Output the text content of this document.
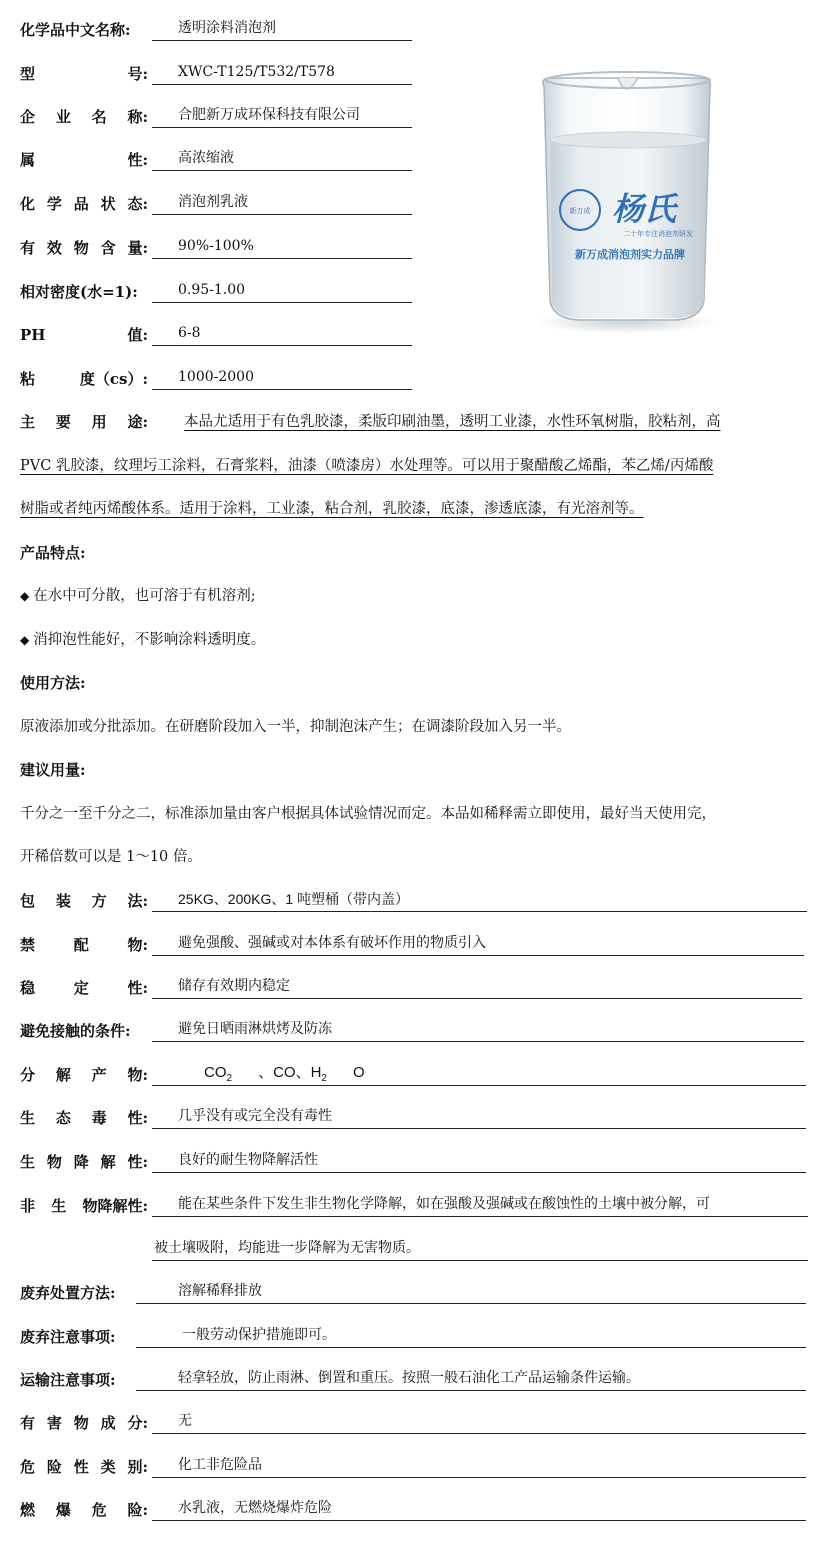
化学品中文名称:	透明涂料消泡剂
型	号:	XWC-T125/T532/T578
企 业 名 称:	合肥新万成环保科技有限公司
属	性:	高浓缩液
化 学 品 状 态:	消泡剂乳液
有 效 物 含 量:	90%-100%
相对密度(水=1):	0.95-1.00
PH	值:	6-8
粘	度（cs）:	1000-2000
新万成 杨氏
二十年专注消泡剂研发
新万成消泡剂实力品牌
主 要 用 途:	本品尤适用于有色乳胶漆，柔版印刷油墨，透明工业漆，水性环氧树脂，胶粘剂，高
PVC 乳胶漆，纹理圬工涂料，石膏浆料，油漆（喷漆房）水处理等。可以用于聚醋酸乙烯酯，苯乙烯/丙烯酸
树脂或者纯丙烯酸体系。适用于涂料，工业漆，粘合剂，乳胶漆，底漆，渗透底漆，有光溶剂等。
产品特点:
◆ 在水中可分散，也可溶于有机溶剂;
◆ 消抑泡性能好，不影响涂料透明度。
使用方法:
原液添加或分批添加。在研磨阶段加入一半，抑制泡沫产生；在调漆阶段加入另一半。
建议用量:
千分之一至千分之二，标准添加量由客户根据具体试验情况而定。本品如稀释需立即使用，最好当天使用完，
开稀倍数可以是 1～10 倍。
包 装 方 法:	25KG、200KG、1 吨塑桶（带内盖）
禁	配	物:	避免强酸、强碱或对本体系有破坏作用的物质引入
稳	定	性:	储存有效期内稳定
避免接触的条件:	避免日晒雨淋烘烤及防冻
分 解 产 物:	$CO_2$ 、CO、$H_2$ O
生 态 毒 性:	几乎没有或完全没有毒性
生 物 降 解 性:	良好的耐生物降解活性
非 生 物降解性:	能在某些条件下发生非生物化学降解，如在强酸及强碱或在酸蚀性的土壤中被分解，可
被土壤吸附，均能进一步降解为无害物质。
废弃处置方法:	溶解稀释排放
废弃注意事项:	一般劳动保护措施即可。
运输注意事项:	轻拿轻放，防止雨淋、倒置和重压。按照一般石油化工产品运输条件运输。
有 害 物 成 分:	无
危 险 性 类 别:	化工非危险品
燃 爆 危 险:	水乳液，无燃烧爆炸危险
